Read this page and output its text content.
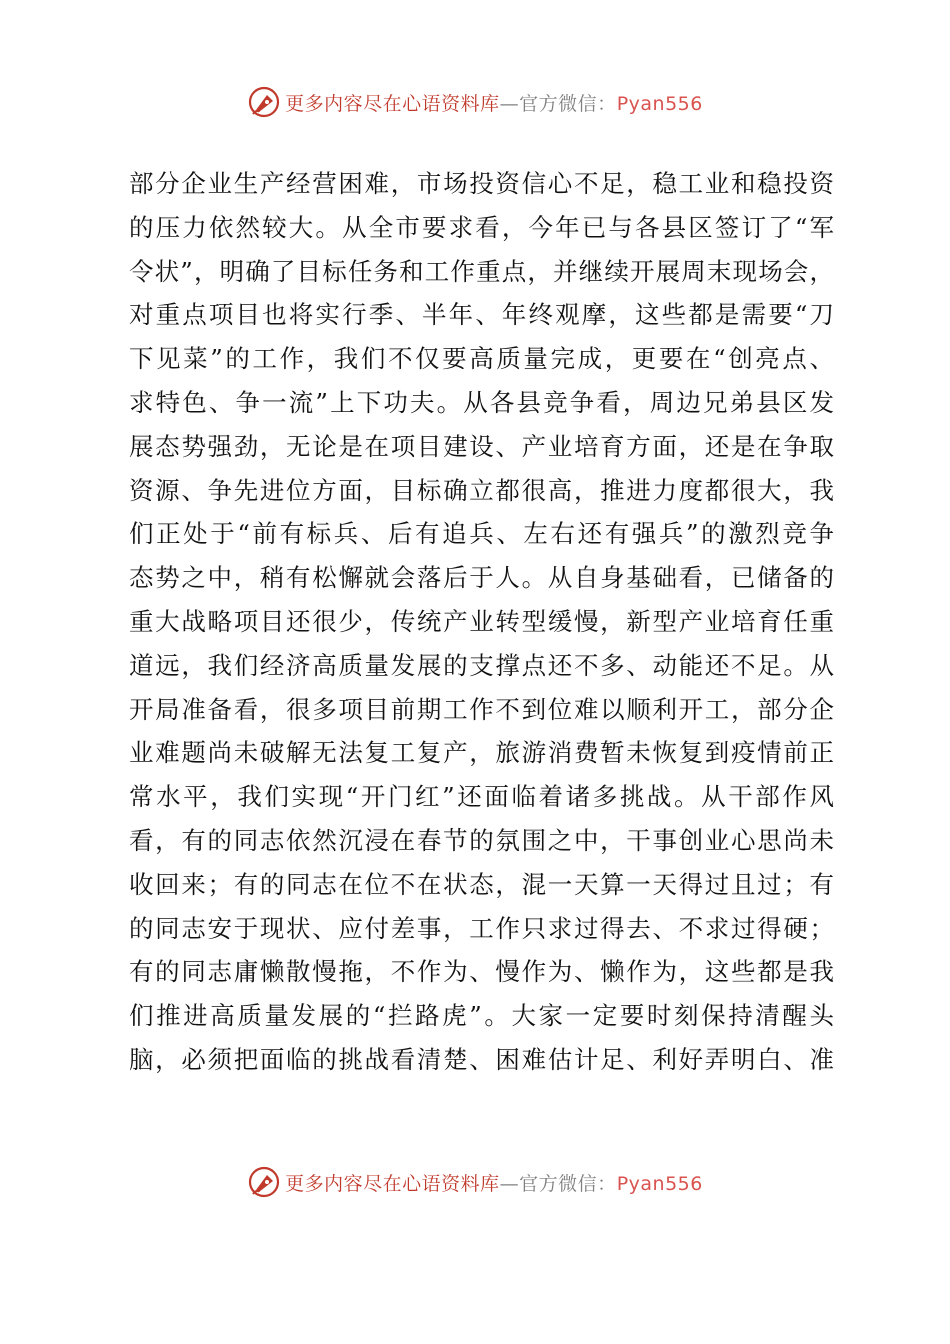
更多内容尽在心语资料库—官方微信：Pyan556
部分企业生产经营困难，市场投资信心不足，稳工业和稳投资
的压力依然较大。从全市要求看，今年已与各县区签订了“军
令状”，明确了目标任务和工作重点，并继续开展周末现场会，
对重点项目也将实行季、半年、年终观摩，这些都是需要“刀
下见菜”的工作，我们不仅要高质量完成，更要在“创亮点、
求特色、争一流”上下功夫。从各县竞争看，周边兄弟县区发
展态势强劲，无论是在项目建设、产业培育方面，还是在争取
资源、争先进位方面，目标确立都很高，推进力度都很大，我
们正处于“前有标兵、后有追兵、左右还有强兵”的激烈竞争
态势之中，稍有松懈就会落后于人。从自身基础看，已储备的
重大战略项目还很少，传统产业转型缓慢，新型产业培育任重
道远，我们经济高质量发展的支撑点还不多、动能还不足。从
开局准备看，很多项目前期工作不到位难以顺利开工，部分企
业难题尚未破解无法复工复产，旅游消费暂未恢复到疫情前正
常水平，我们实现“开门红”还面临着诸多挑战。从干部作风
看，有的同志依然沉浸在春节的氛围之中，干事创业心思尚未
收回来；有的同志在位不在状态，混一天算一天得过且过；有
的同志安于现状、应付差事，工作只求过得去、不求过得硬；
有的同志庸懒散慢拖，不作为、慢作为、懒作为，这些都是我
们推进高质量发展的“拦路虎”。大家一定要时刻保持清醒头
脑，必须把面临的挑战看清楚、困难估计足、利好弄明白、准
更多内容尽在心语资料库—官方微信：Pyan556
